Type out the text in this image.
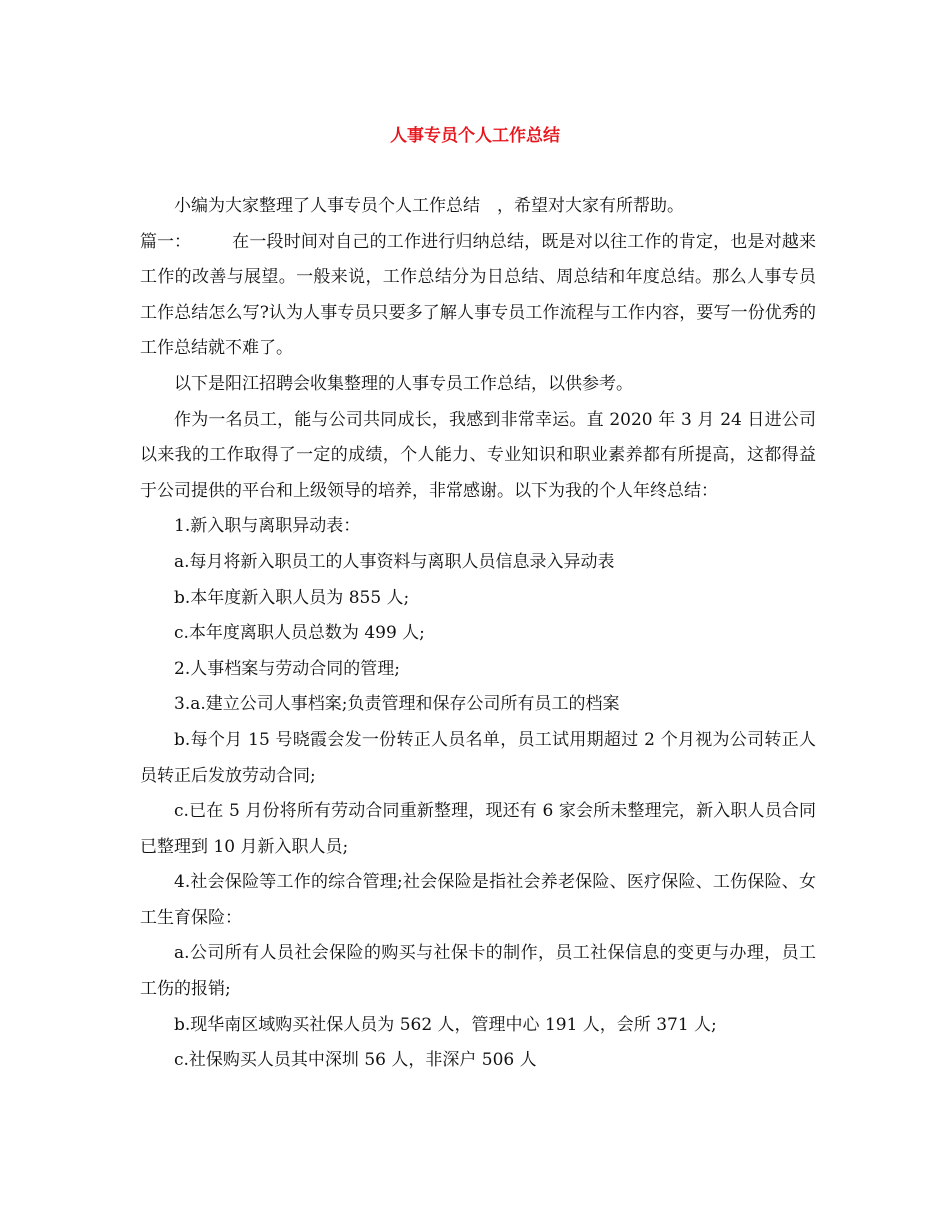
人事专员个人工作总结

小编为大家整理了人事专员个人工作总结　，希望对大家有所帮助。

篇一： 在一段时间对自己的工作进行归纳总结，既是对以往工作的肯定，也是对越来工作的改善与展望。一般来说，工作总结分为日总结、周总结和年度总结。那么人事专员工作总结怎么写?认为人事专员只要多了解人事专员工作流程与工作内容，要写一份优秀的工作总结就不难了。

以下是阳江招聘会收集整理的人事专员工作总结，以供参考。

作为一名员工，能与公司共同成长，我感到非常幸运。直 2020 年 3 月 24 日进公司以来我的工作取得了一定的成绩，个人能力、专业知识和职业素养都有所提高，这都得益于公司提供的平台和上级领导的培养，非常感谢。以下为我的个人年终总结：

1.新入职与离职异动表：

a.每月将新入职员工的人事资料与离职人员信息录入异动表

b.本年度新入职人员为 855 人;

c.本年度离职人员总数为 499 人;

2.人事档案与劳动合同的管理;

3.a.建立公司人事档案;负责管理和保存公司所有员工的档案

b.每个月 15 号晓霞会发一份转正人员名单，员工试用期超过 2 个月视为公司转正人员转正后发放劳动合同;

c.已在 5 月份将所有劳动合同重新整理，现还有 6 家会所未整理完，新入职人员合同已整理到 10 月新入职人员;

4.社会保险等工作的综合管理;社会保险是指社会养老保险、医疗保险、工伤保险、女工生育保险：

a.公司所有人员社会保险的购买与社保卡的制作，员工社保信息的变更与办理，员工工伤的报销;

b.现华南区域购买社保人员为 562 人，管理中心 191 人，会所 371 人;

c.社保购买人员其中深圳 56 人，非深户 506 人
